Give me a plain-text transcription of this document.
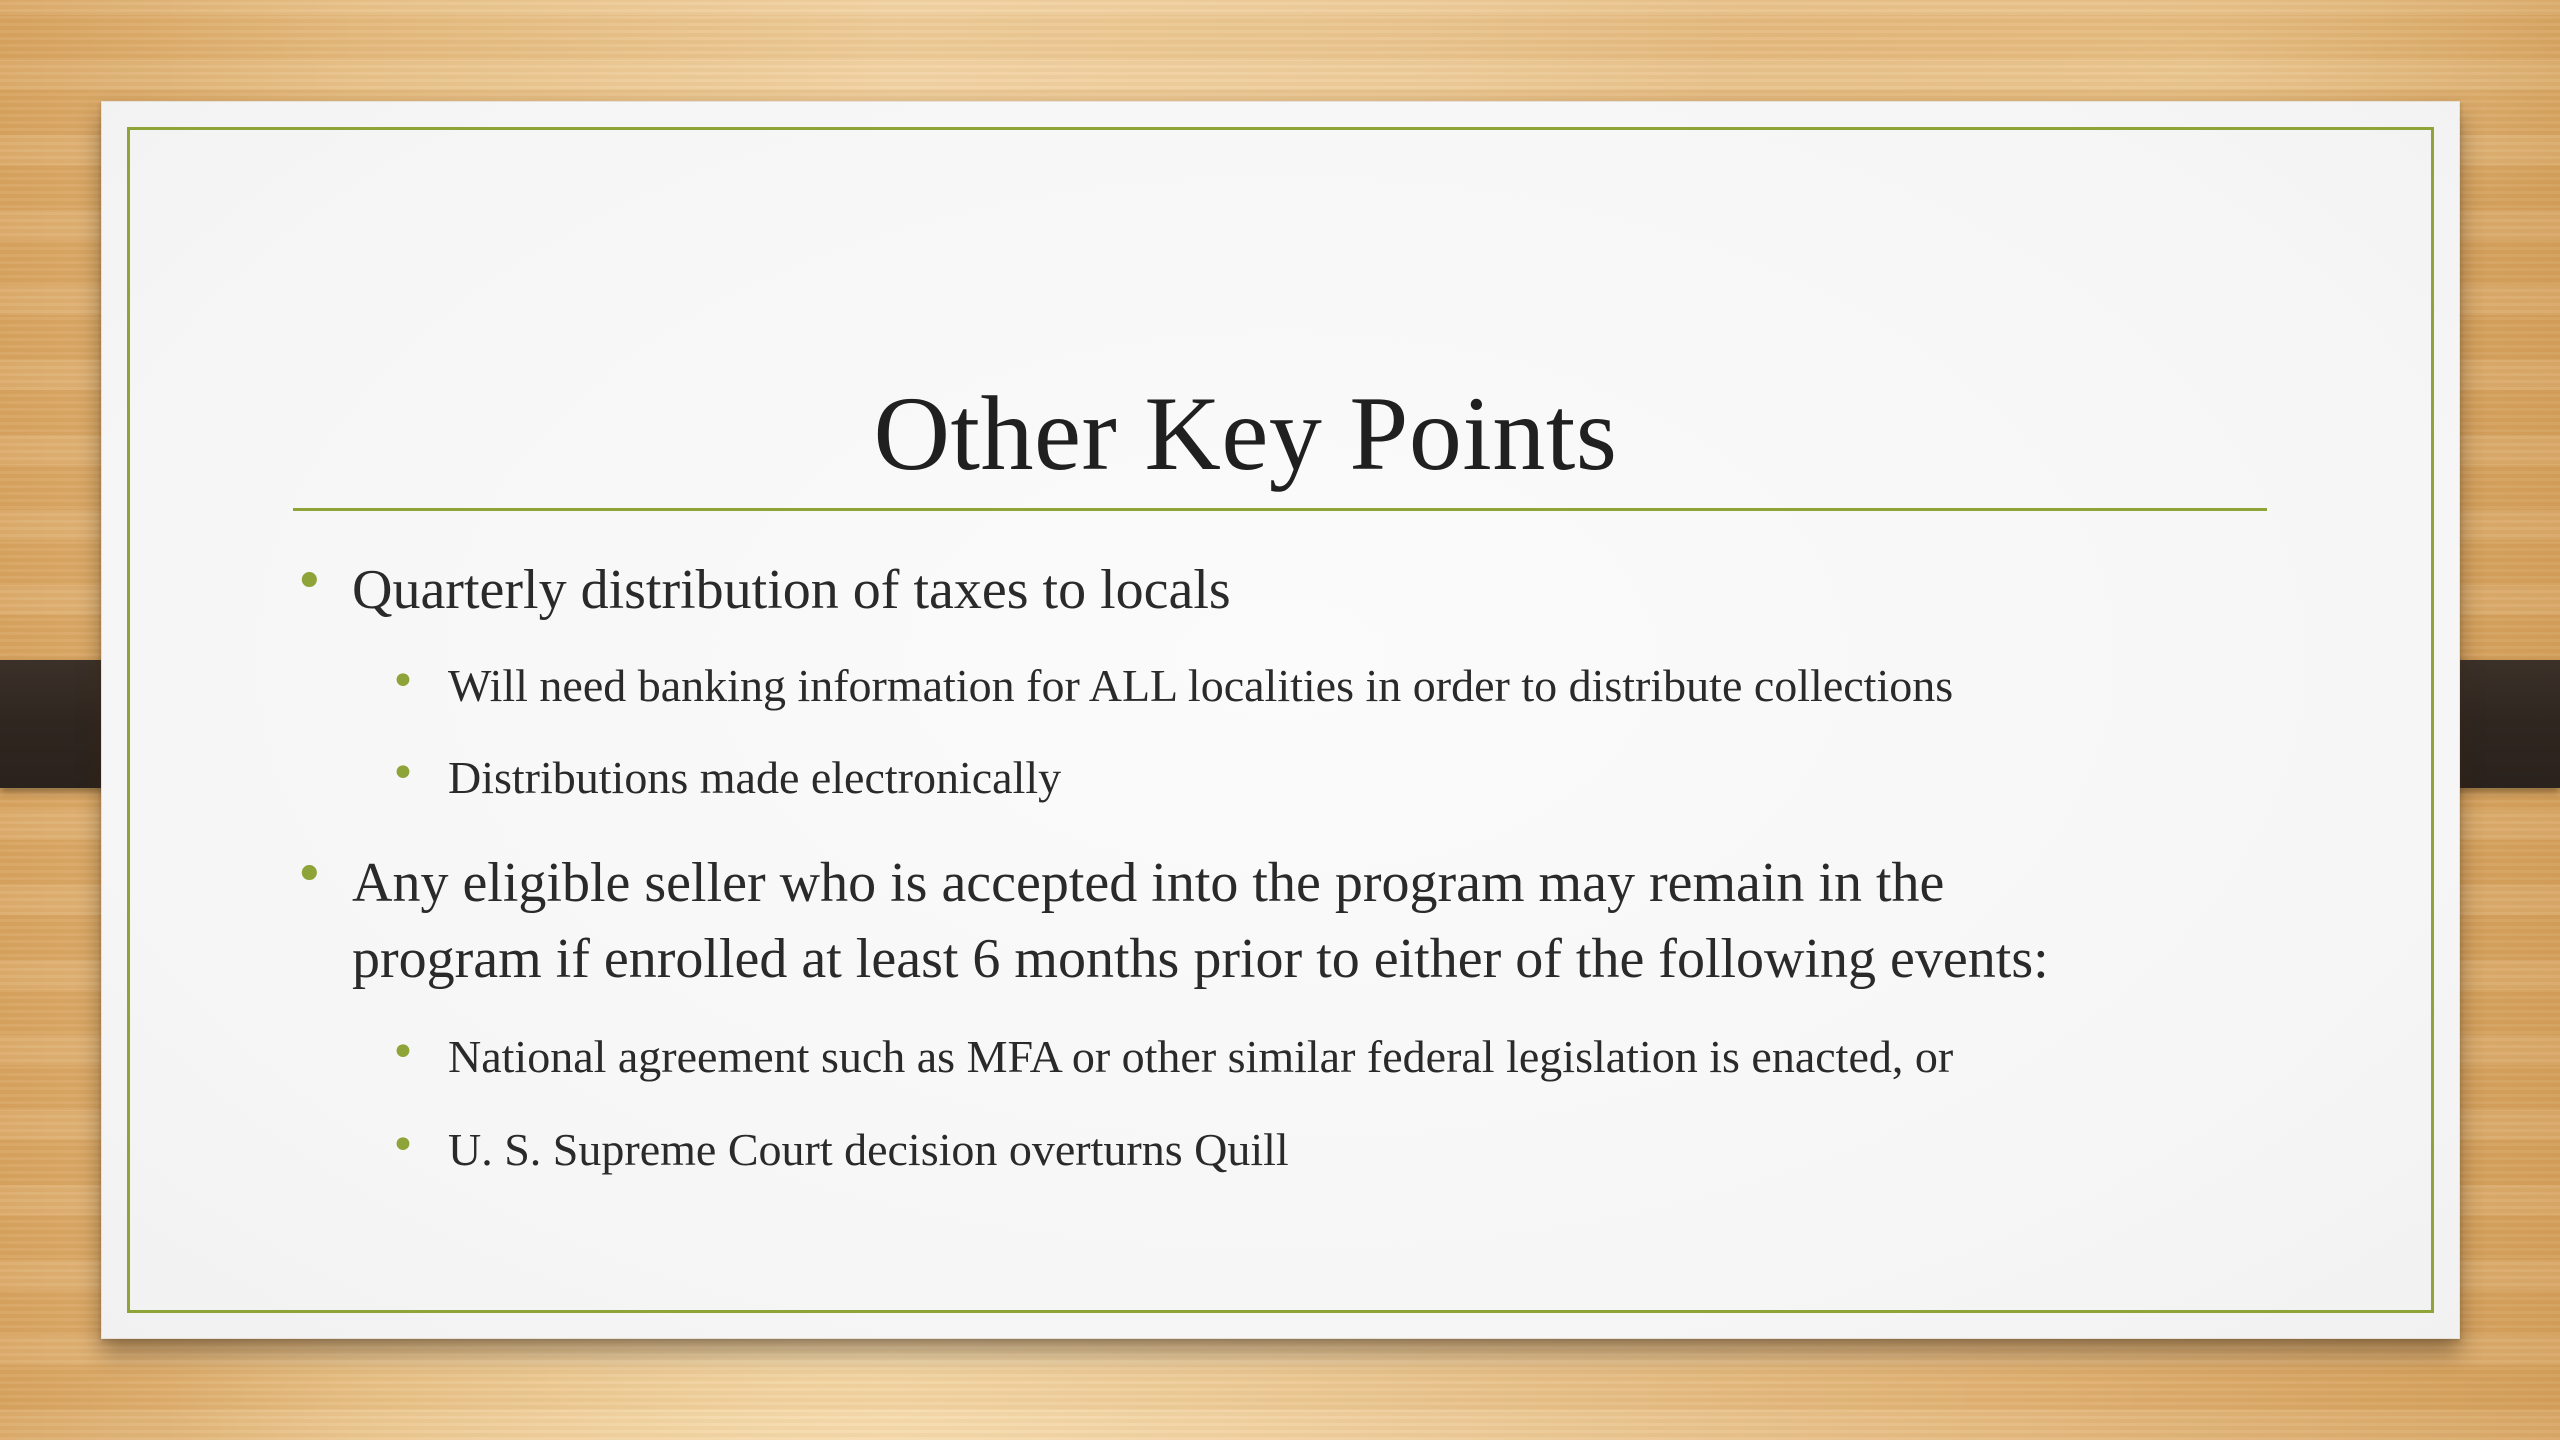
Other Key Points
• Quarterly distribution of taxes to locals
• Will need banking information for ALL localities in order to distribute collections
• Distributions made electronically
• Any eligible seller who is accepted into the program may remain in the
program if enrolled at least 6 months prior to either of the following events:
• National agreement such as MFA or other similar federal legislation is enacted, or
• U. S. Supreme Court decision overturns Quill
